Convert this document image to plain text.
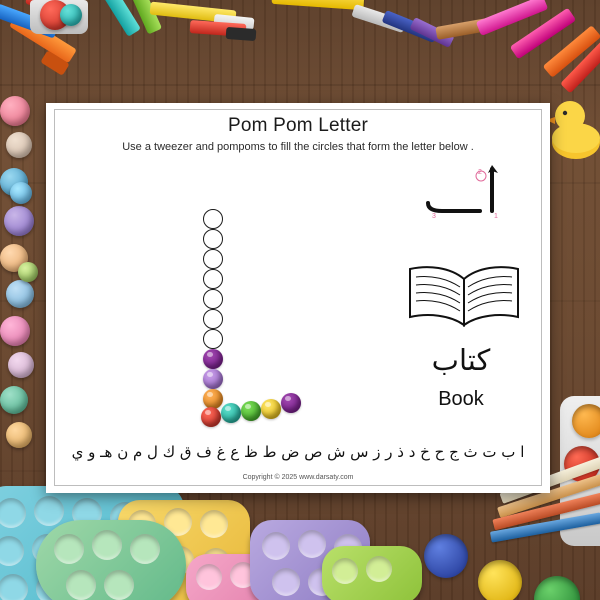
Pom Pom Letter
Use a tweezer and pompoms to fill the circles that form the letter below .
1
2
3
كتاب
Book
ا ب ت ث ج ح خ د ذ ر ز س ش ص ض ط ظ ع غ ف ق ك ل م ن هـ و ي
Copyright © 2025 www.darsaty.com
